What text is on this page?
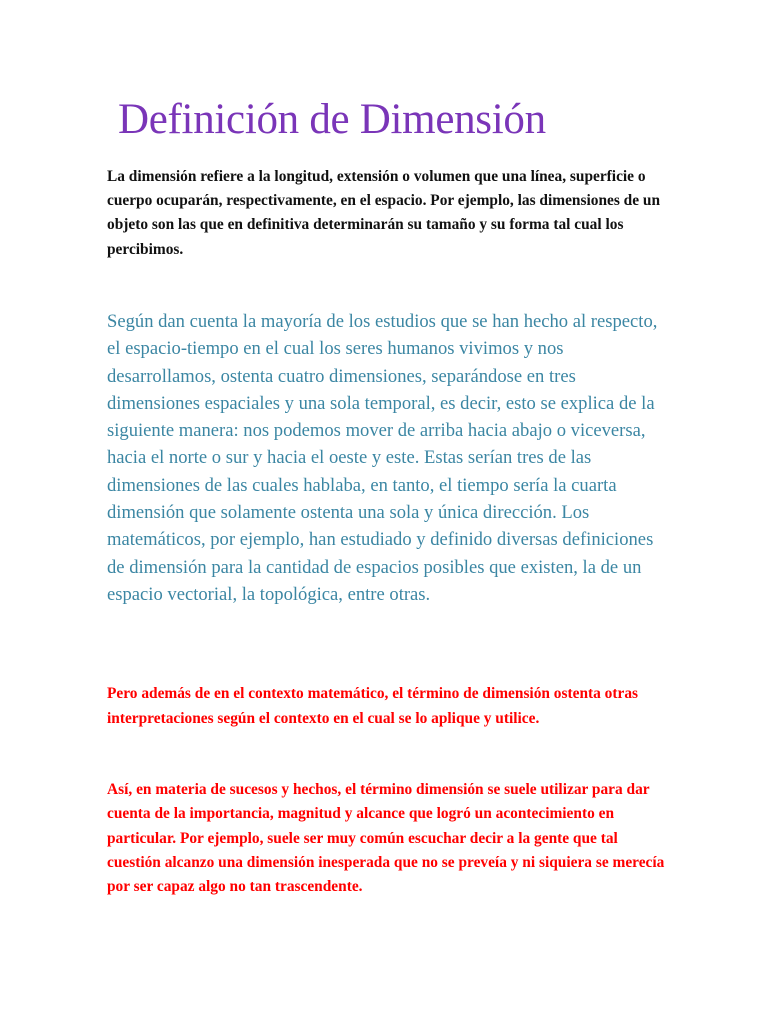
Definición de Dimensión

La dimensión refiere a la longitud, extensión o volumen que una línea, superficie o cuerpo ocuparán, respectivamente, en el espacio. Por ejemplo, las dimensiones de un objeto son las que en definitiva determinarán su tamaño y su forma tal cual los percibimos.

Según dan cuenta la mayoría de los estudios que se han hecho al respecto, el espacio-tiempo en el cual los seres humanos vivimos y nos desarrollamos, ostenta cuatro dimensiones, separándose en tres dimensiones espaciales y una sola temporal, es decir, esto se explica de la siguiente manera: nos podemos mover de arriba hacia abajo o viceversa, hacia el norte o sur y hacia el oeste y este. Estas serían tres de las dimensiones de las cuales hablaba, en tanto, el tiempo sería la cuarta dimensión que solamente ostenta una sola y única dirección. Los matemáticos, por ejemplo, han estudiado y definido diversas definiciones de dimensión para la cantidad de espacios posibles que existen, la de un espacio vectorial, la topológica, entre otras.

Pero además de en el contexto matemático, el término de dimensión ostenta otras interpretaciones según el contexto en el cual se lo aplique y utilice.

Así, en materia de sucesos y hechos, el término dimensión se suele utilizar para dar cuenta de la importancia, magnitud y alcance que logró un acontecimiento en particular. Por ejemplo, suele ser muy común escuchar decir a la gente que tal cuestión alcanzo una dimensión inesperada que no se preveía y ni siquiera se merecía por ser capaz algo no tan trascendente.
